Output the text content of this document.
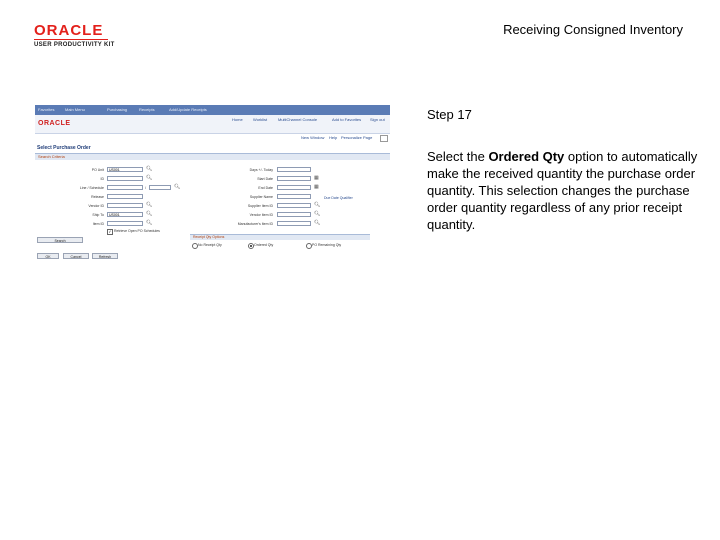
ORACLE
USER PRODUCTIVITY KIT
Receiving Consigned Inventory
Favorites	Main Menu	Purchasing	Receipts	Add/Update Receipts
ORACLE
Home	Worklist	MultiChannel Console	Add to Favorites Sign out
New Window Help Personalize Page
Select Purchase Order
Search Criteria
PO Unit	US001	🔍︎
ID	🔍︎
Line / Schedule	/	🔍︎
Release
Vendor ID	🔍︎
Ship To	US001	🔍︎
Item ID	🔍︎
✓ Retrieve Open PO Schedules
Days +/- Today
Start Date	▦
End Date	▦
Supplier Name	Due Date Qualifier
Supplier Item ID	🔍︎
Vendor Item ID	🔍︎
Manufacturer's Item ID	🔍︎
Receipt Qty Options
No Receipt Qty	Ordered Qty	PO Remaining Qty
Search
OK	Cancel	Refresh
Step 17
Select the Ordered Qty option to automatically make the received quantity the purchase order quantity. This selection changes the purchase order quantity regardless of any prior receipt quantity.
